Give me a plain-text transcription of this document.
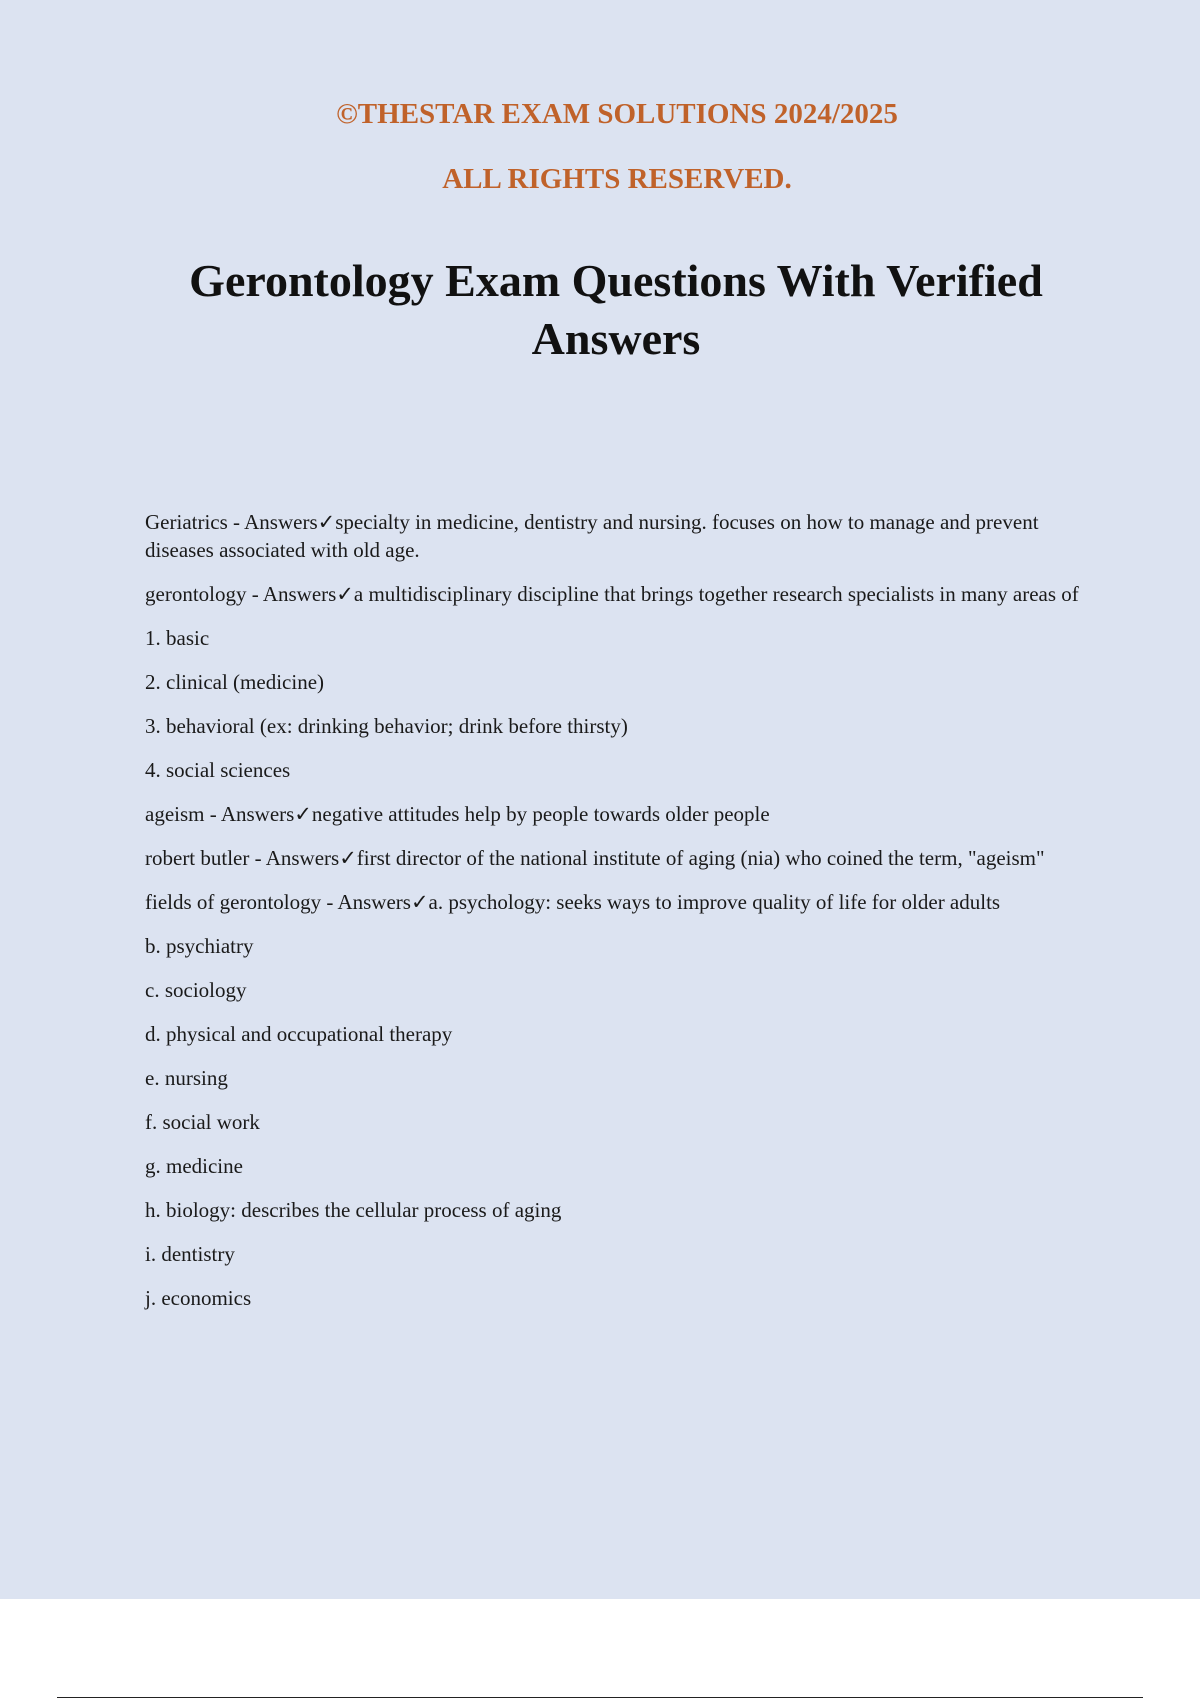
©THESTAR EXAM SOLUTIONS 2024/2025

ALL RIGHTS RESERVED.

Gerontology Exam Questions With Verified Answers

Geriatrics - Answers✓specialty in medicine, dentistry and nursing. focuses on how to manage and prevent diseases associated with old age.

gerontology - Answers✓a multidisciplinary discipline that brings together research specialists in many areas of

1. basic

2. clinical (medicine)

3. behavioral (ex: drinking behavior; drink before thirsty)

4. social sciences

ageism - Answers✓negative attitudes help by people towards older people

robert butler - Answers✓first director of the national institute of aging (nia) who coined the term, "ageism"

fields of gerontology - Answers✓a. psychology: seeks ways to improve quality of life for older adults

b. psychiatry

c. sociology

d. physical and occupational therapy

e. nursing

f. social work

g. medicine

h. biology: describes the cellular process of aging

i. dentistry

j. economics
